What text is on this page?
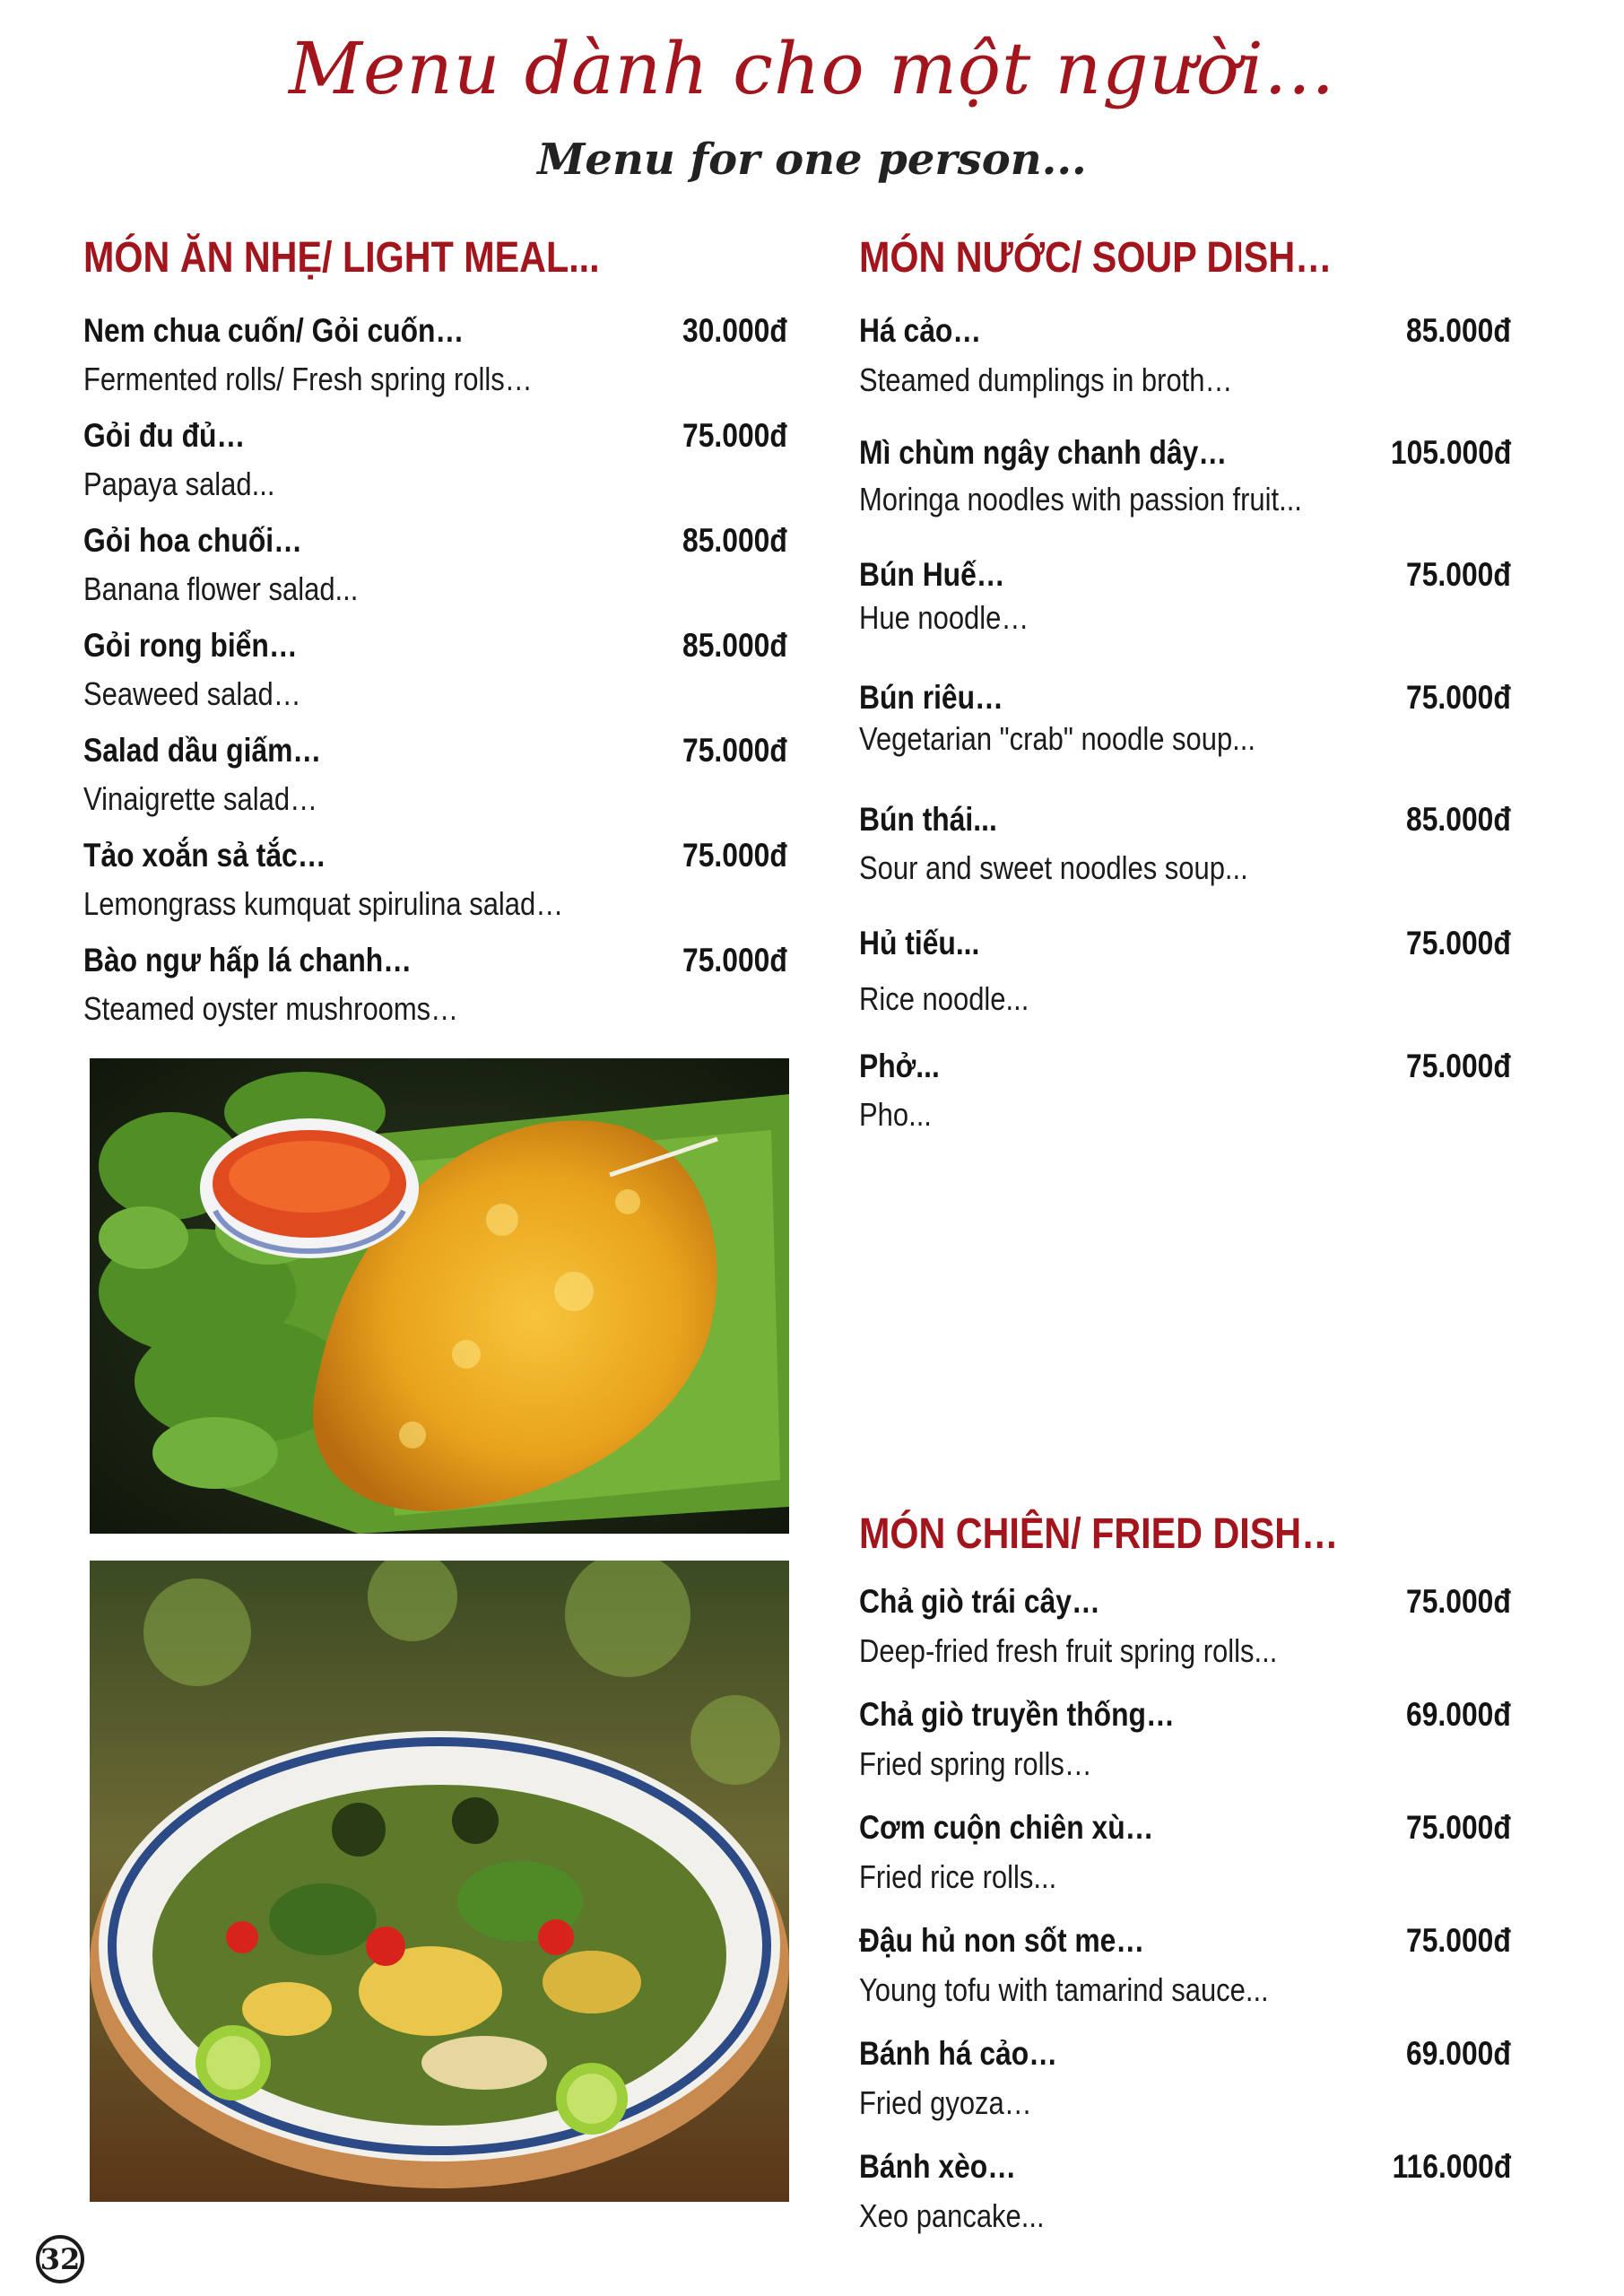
Menu dành cho một người...
Menu for one person...
MÓN ĂN NHẸ/ LIGHT MEAL...
Nem chua cuốn/ Gỏi cuốn…	30.000đ
Fermented rolls/ Fresh spring rolls…
Gỏi đu đủ…	75.000đ
Papaya salad...
Gỏi hoa chuối…	85.000đ
Banana flower salad...
Gỏi rong biển…	85.000đ
Seaweed salad…
Salad dầu giấm…	75.000đ
Vinaigrette salad…
Tảo xoắn sả tắc…	75.000đ
Lemongrass kumquat spirulina salad…
Bào ngư hấp lá chanh…	75.000đ
Steamed oyster mushrooms…
MÓN NƯỚC/ SOUP DISH…
Há cảo…	85.000đ
Steamed dumplings in broth…
Mì chùm ngây chanh dây…	105.000đ
Moringa noodles with passion fruit...
Bún Huế…	75.000đ
Hue noodle…
Bún riêu…	75.000đ
Vegetarian "crab" noodle soup...
Bún thái...	85.000đ
Sour and sweet noodles soup...
Hủ tiếu...	75.000đ
Rice noodle...
Phở...	75.000đ
Pho...
MÓN CHIÊN/ FRIED DISH…
Chả giò trái cây…	75.000đ
Deep-fried fresh fruit spring rolls...
Chả giò truyền thống…	69.000đ
Fried spring rolls…
Cơm cuộn chiên xù…	75.000đ
Fried rice rolls...
Đậu hủ non sốt me…	75.000đ
Young tofu with tamarind sauce...
Bánh há cảo…	69.000đ
Fried gyoza…
Bánh xèo…	116.000đ
Xeo pancake...
32
